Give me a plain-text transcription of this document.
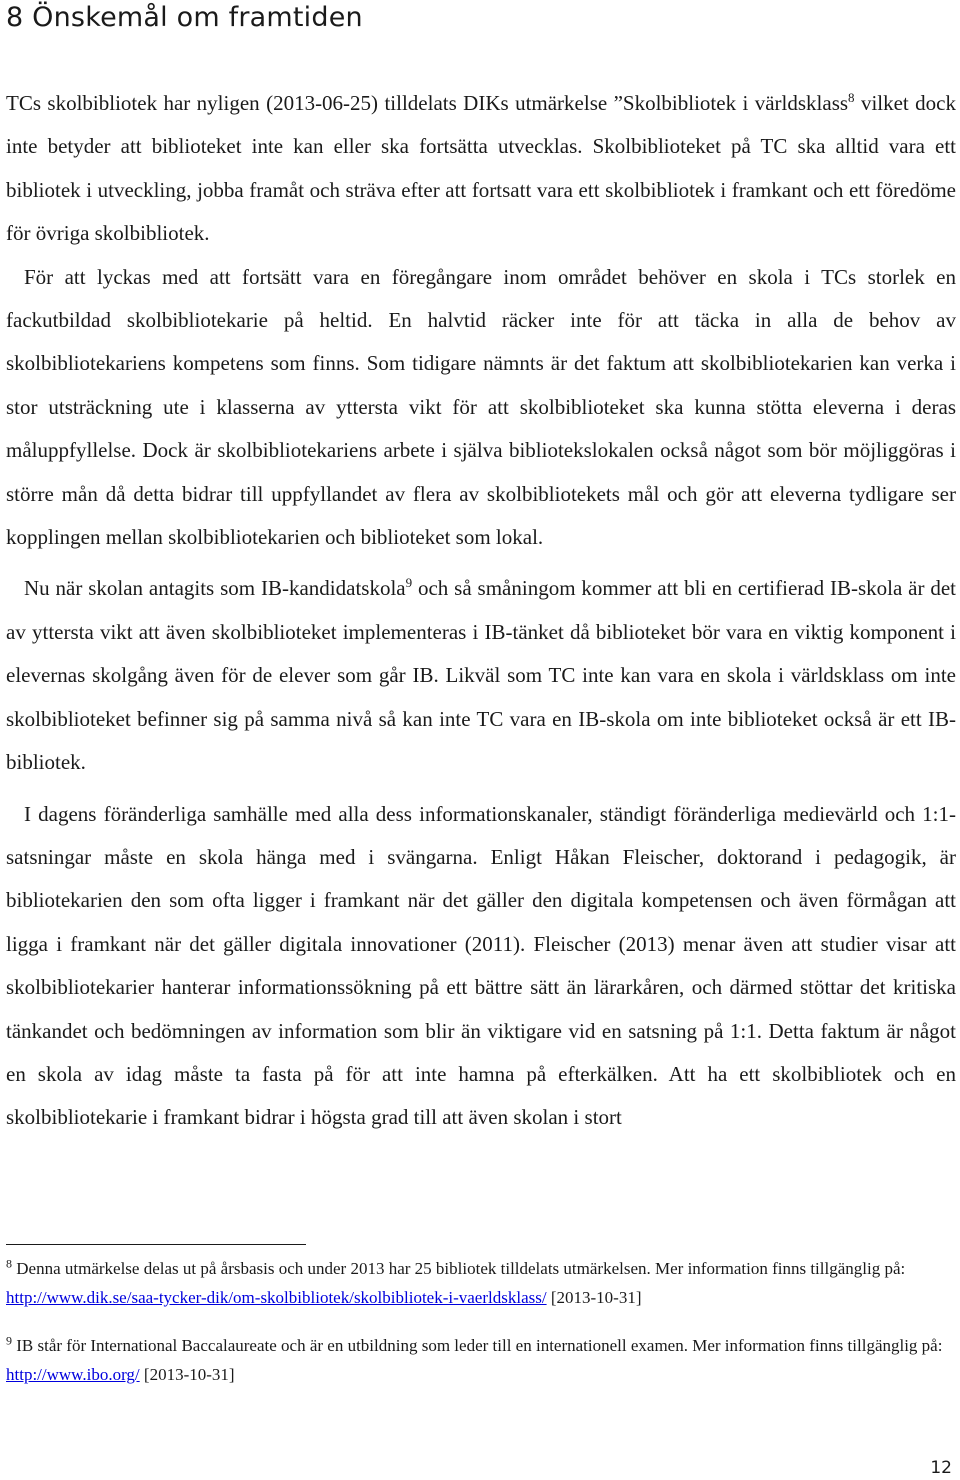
8 Önskemål om framtiden

TCs skolbibliotek har nyligen (2013-06-25) tilldelats DIKs utmärkelse ”Skolbibliotek i världsklass$^8$ vilket dock inte betyder att biblioteket inte kan eller ska fortsätta utvecklas. Skolbiblioteket på TC ska alltid vara ett bibliotek i utveckling, jobba framåt och sträva efter att fortsatt vara ett skolbibliotek i framkant och ett föredöme för övriga skolbibliotek.

För att lyckas med att fortsätt vara en föregångare inom området behöver en skola i TCs storlek en fackutbildad skolbibliotekarie på heltid. En halvtid räcker inte för att täcka in alla de behov av skolbibliotekariens kompetens som finns. Som tidigare nämnts är det faktum att skolbibliotekarien kan verka i stor utsträckning ute i klasserna av yttersta vikt för att skolbiblioteket ska kunna stötta eleverna i deras måluppfyllelse. Dock är skolbibliotekariens arbete i själva bibliotekslokalen också något som bör möjliggöras i större mån då detta bidrar till uppfyllandet av flera av skolbibliotekets mål och gör att eleverna tydligare ser kopplingen mellan skolbibliotekarien och biblioteket som lokal.

Nu när skolan antagits som IB-kandidatskola$^9$ och så småningom kommer att bli en certifierad IB-skola är det av yttersta vikt att även skolbiblioteket implementeras i IB-tänket då biblioteket bör vara en viktig komponent i elevernas skolgång även för de elever som går IB. Likväl som TC inte kan vara en skola i världsklass om inte skolbiblioteket befinner sig på samma nivå så kan inte TC vara en IB-skola om inte biblioteket också är ett IB-bibliotek.

I dagens föränderliga samhälle med alla dess informationskanaler, ständigt föränderliga medievärld och 1:1-satsningar måste en skola hänga med i svängarna. Enligt Håkan Fleischer, doktorand i pedagogik, är bibliotekarien den som ofta ligger i framkant när det gäller den digitala kompetensen och även förmågan att ligga i framkant när det gäller digitala innovationer (2011). Fleischer (2013) menar även att studier visar att skolbibliotekarier hanterar informationssökning på ett bättre sätt än lärarkåren, och därmed stöttar det kritiska tänkandet och bedömningen av information som blir än viktigare vid en satsning på 1:1. Detta faktum är något en skola av idag måste ta fasta på för att inte hamna på efterkälken. Att ha ett skolbibliotek och en skolbibliotekarie i framkant bidrar i högsta grad till att även skolan i stort

$^8$ Denna utmärkelse delas ut på årsbasis och under 2013 har 25 bibliotek tilldelats utmärkelsen. Mer information finns tillgänglig på: http://www.dik.se/saa-tycker-dik/om-skolbibliotek/skolbibliotek-i-vaerldsklass/ [2013-10-31]

$^9$ IB står för International Baccalaureate och är en utbildning som leder till en internationell examen. Mer information finns tillgänglig på: http://www.ibo.org/ [2013-10-31]

12
